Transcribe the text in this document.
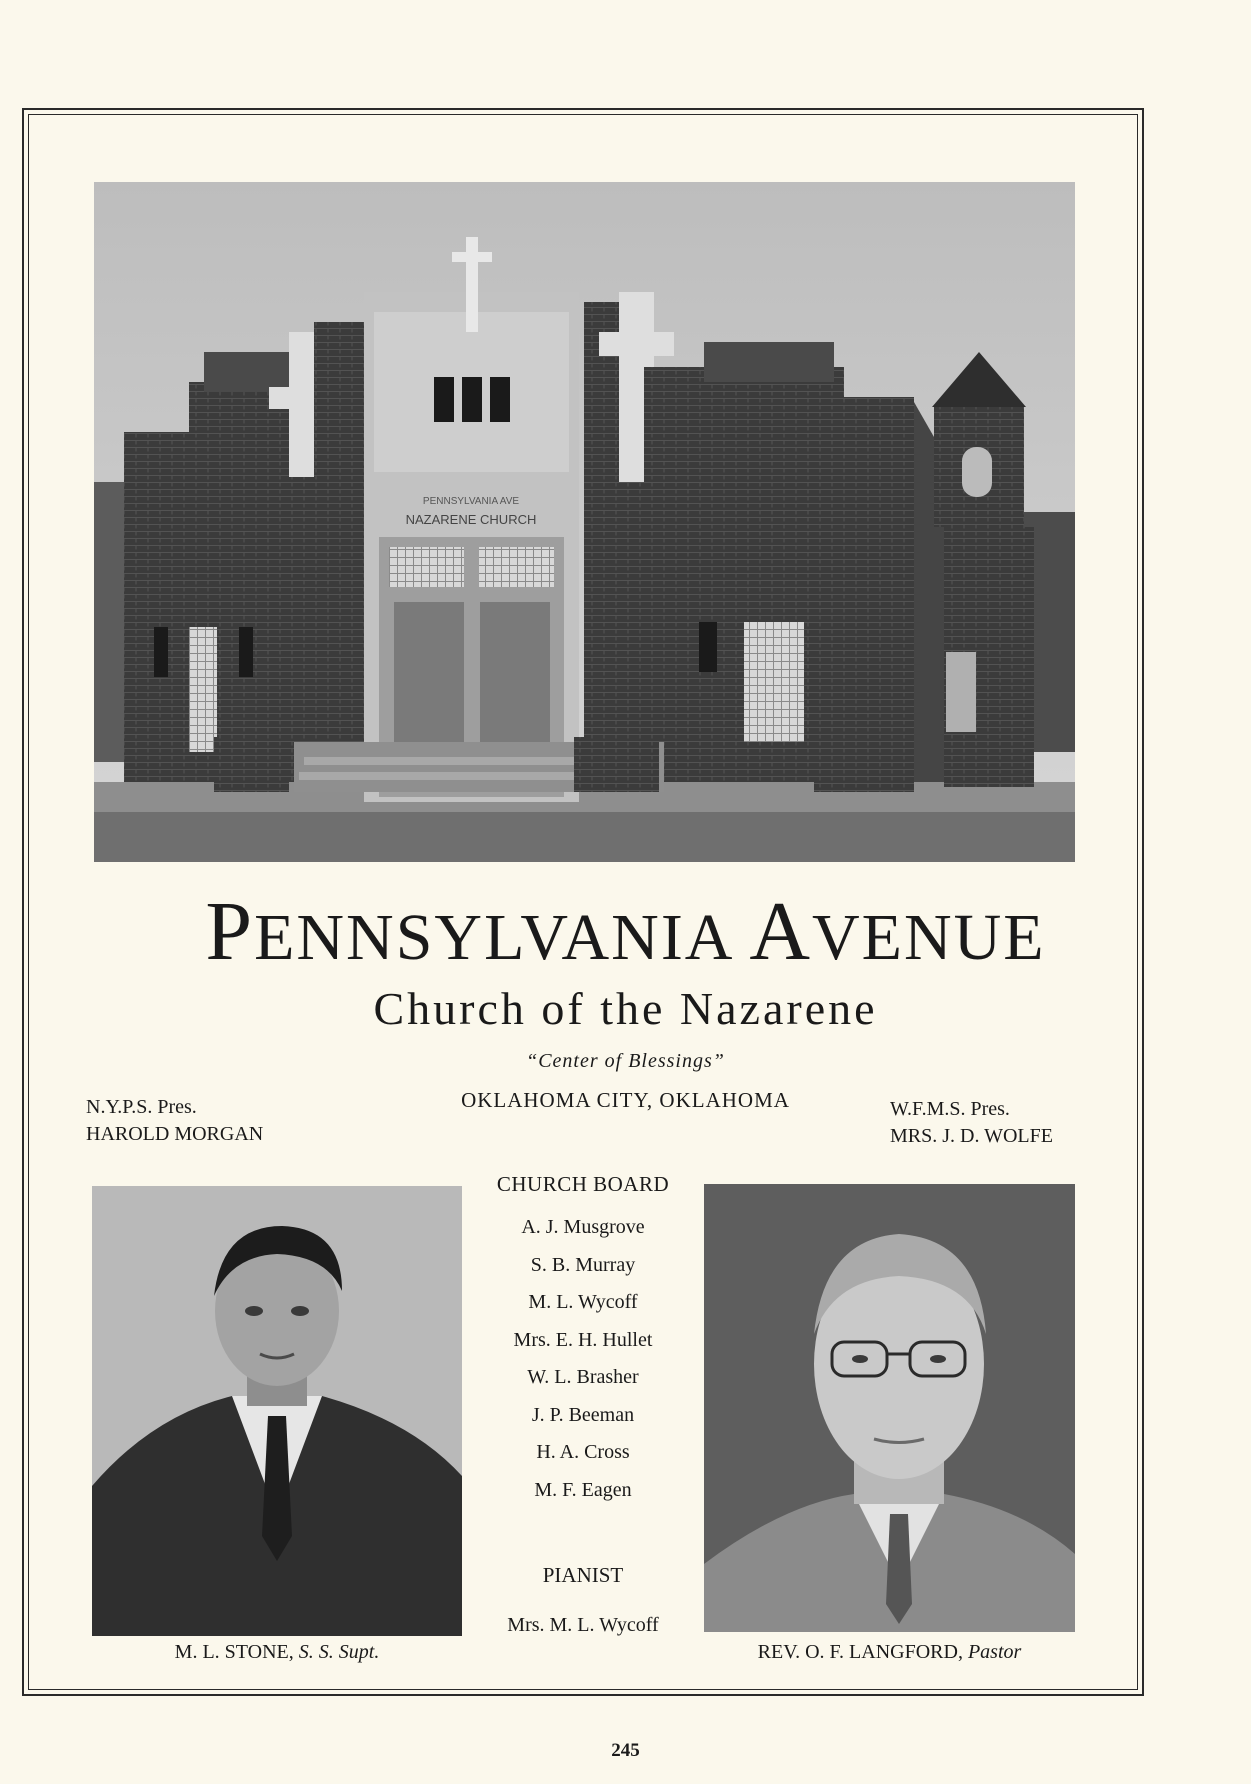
PENNSYLVANIA AVE
NAZARENE CHURCH
PENNSYLVANIA AVENUE
Church of the Nazarene
“Center of Blessings”
OKLAHOMA CITY, OKLAHOMA
N.Y.P.S. Pres.
HAROLD MORGAN
W.F.M.S. Pres.
MRS. J. D. WOLFE
CHURCH BOARD
A. J. Musgrove
S. B. Murray
M. L. Wycoff
Mrs. E. H. Hullet
W. L. Brasher
J. P. Beeman
H. A. Cross
M. F. Eagen
PIANIST
Mrs. M. L. Wycoff
M. L. STONE, S. S. Supt.	REV. O. F. LANGFORD, Pastor
245
